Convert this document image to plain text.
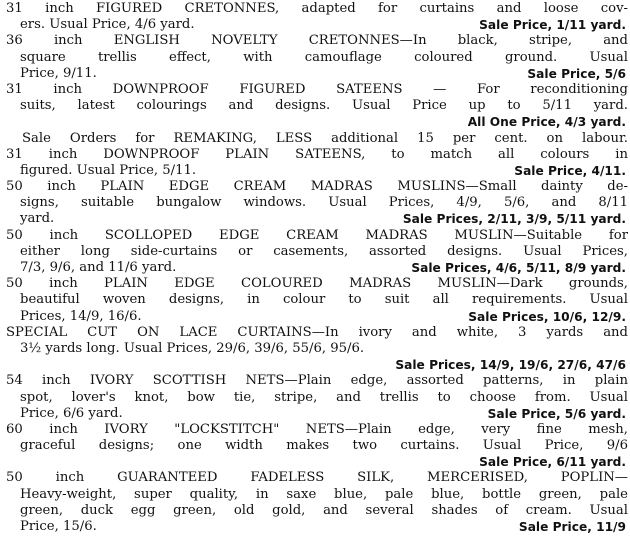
31 inch FIGURED CRETONNES, adapted for curtains and loose cov-
ers. Usual Price, 4/6 yard.	Sale Price, 1/11 yard.
36 inch ENGLISH NOVELTY CRETONNES—In black, stripe, and
square trellis effect, with camouflage coloured ground. Usual
Price, 9/11.	Sale Price, 5/6
31 inch DOWNPROOF FIGURED SATEENS — For reconditioning
suits, latest colourings and designs. Usual Price up to 5/11 yard.
All One Price, 4/3 yard.
Sale Orders for REMAKING, LESS additional 15 per cent. on labour.
31 inch DOWNPROOF PLAIN SATEENS, to match all colours in
figured. Usual Price, 5/11.	Sale Price, 4/11.
50 inch PLAIN EDGE CREAM MADRAS MUSLINS—Small dainty de-
signs, suitable bungalow windows. Usual Prices, 4/9, 5/6, and 8/11
yard.	Sale Prices, 2/11, 3/9, 5/11 yard.
50 inch SCOLLOPED EDGE CREAM MADRAS MUSLIN—Suitable for
either long side-curtains or casements, assorted designs. Usual Prices,
7/3, 9/6, and 11/6 yard.	Sale Prices, 4/6, 5/11, 8/9 yard.
50 inch PLAIN EDGE COLOURED MADRAS MUSLIN—Dark grounds,
beautiful woven designs, in colour to suit all requirements. Usual
Prices, 14/9, 16/6.	Sale Prices, 10/6, 12/9.
SPECIAL CUT ON LACE CURTAINS—In ivory and white, 3 yards and
3½ yards long. Usual Prices, 29/6, 39/6, 55/6, 95/6.
Sale Prices, 14/9, 19/6, 27/6, 47/6
54 inch IVORY SCOTTISH NETS—Plain edge, assorted patterns, in plain
spot, lover's knot, bow tie, stripe, and trellis to choose from. Usual
Price, 6/6 yard.	Sale Price, 5/6 yard.
60 inch IVORY "LOCKSTITCH" NETS—Plain edge, very fine mesh,
graceful designs; one width makes two curtains. Usual Price, 9/6
Sale Price, 6/11 yard.
50 inch GUARANTEED FADELESS SILK, MERCERISED, POPLIN—
Heavy-weight, super quality, in saxe blue, pale blue, bottle green, pale
green, duck egg green, old gold, and several shades of cream. Usual
Price, 15/6.	Sale Price, 11/9
